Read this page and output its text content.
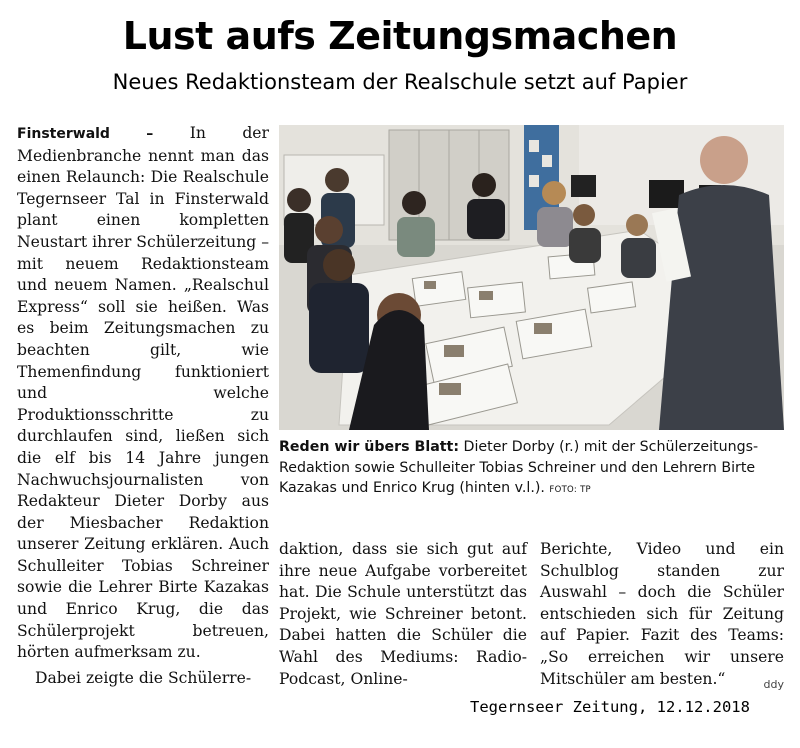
Lust aufs Zeitungsmachen
Neues Redaktionsteam der Realschule setzt auf Papier

Finsterwald – In der Medienbranche nennt man das einen Relaunch: Die Realschule Tegernseer Tal in Finsterwald plant einen kompletten Neustart ihrer Schülerzeitung – mit neuem Redaktionsteam und neuem Namen. „Realschul Express“ soll sie heißen. Was es beim Zeitungsmachen zu beachten gilt, wie Themenfindung funktioniert und welche Produktionsschritte zu durchlaufen sind, ließen sich die elf bis 14 Jahre jungen Nachwuchsjournalisten von Redakteur Dieter Dorby aus der Miesbacher Redaktion unserer Zeitung erklären. Auch Schulleiter Tobias Schreiner sowie die Lehrer Birte Kazakas und Enrico Krug, die das Schülerprojekt betreuen, hörten aufmerksam zu.

Dabei zeigte die Schülerre-

Reden wir übers Blatt: Dieter Dorby (r.) mit der Schülerzeitungs-Redaktion sowie Schulleiter Tobias Schreiner und den Lehrern Birte Kazakas und Enrico Krug (hinten v.l.). FOTO: TP

daktion, dass sie sich gut auf ihre neue Aufgabe vorbereitet hat. Die Schule unterstützt das Projekt, wie Schreiner betont. Dabei hatten die Schüler die Wahl des Mediums: Radio-Podcast, Online-

Berichte, Video und ein Schulblog standen zur Auswahl – doch die Schüler entschieden sich für Zeitung auf Papier. Fazit des Teams: „So erreichen wir unsere Mitschüler am besten.“	ddy

Tegernseer Zeitung, 12.12.2018
